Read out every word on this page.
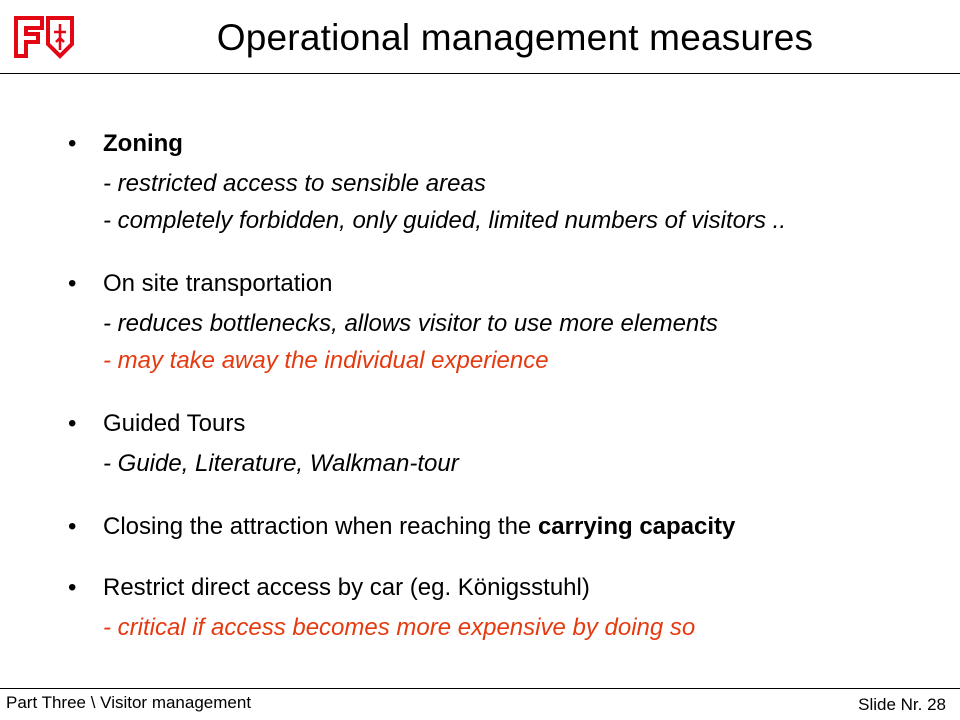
Operational management measures
•	Zoning
- restricted access to sensible areas
- completely forbidden, only guided, limited numbers of visitors ..
•	On site transportation
- reduces bottlenecks, allows visitor to use more elements
- may take away the individual experience
•	Guided Tours
- Guide, Literature, Walkman-tour
•	Closing the attraction when reaching the carrying capacity
•	Restrict direct access by car (eg. Königsstuhl)
- critical if access becomes more expensive by doing so
Part Three \ Visitor management	Slide Nr. 28
